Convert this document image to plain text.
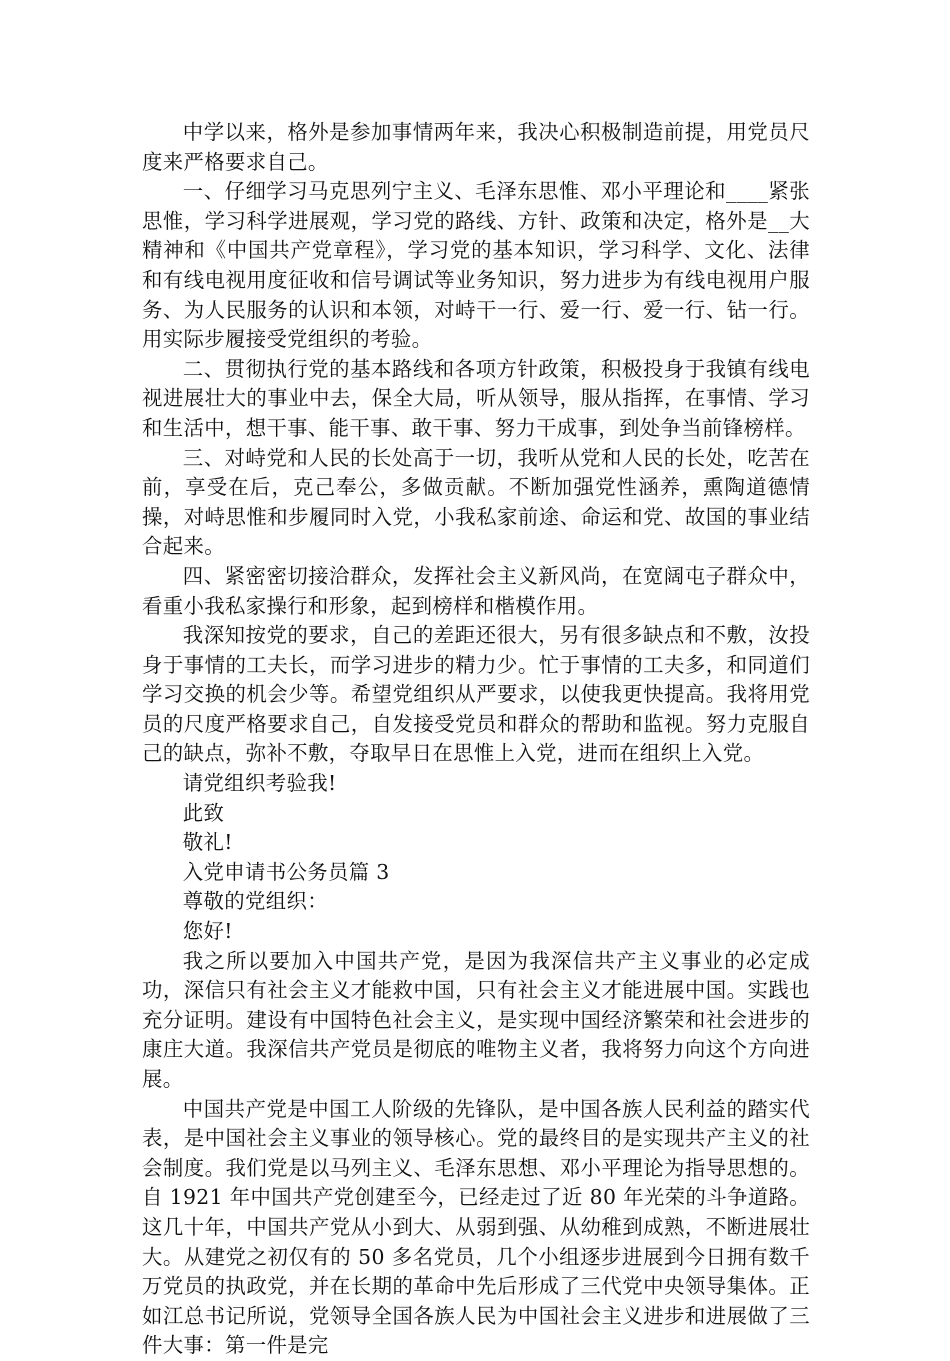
中学以来，格外是参加事情两年来，我决心积极制造前提，用党员尺度来严格要求自己。

一、仔细学习马克思列宁主义、毛泽东思惟、邓小平理论和____紧张思惟，学习科学进展观，学习党的路线、方针、政策和决定，格外是__大精神和《中国共产党章程》，学习党的基本知识，学习科学、文化、法律和有线电视用度征收和信号调试等业务知识，努力进步为有线电视用户服务、为人民服务的认识和本领，对峙干一行、爱一行、爱一行、钻一行。用实际步履接受党组织的考验。

二、贯彻执行党的基本路线和各项方针政策，积极投身于我镇有线电视进展壮大的事业中去，保全大局，听从领导，服从指挥，在事情、学习和生活中，想干事、能干事、敢干事、努力干成事，到处争当前锋榜样。

三、对峙党和人民的长处高于一切，我听从党和人民的长处，吃苦在前，享受在后，克己奉公，多做贡献。不断加强党性涵养，熏陶道德情操，对峙思惟和步履同时入党，小我私家前途、命运和党、故国的事业结合起来。

四、紧密密切接洽群众，发挥社会主义新风尚，在宽阔屯子群众中，看重小我私家操行和形象，起到榜样和楷模作用。

我深知按党的要求，自己的差距还很大，另有很多缺点和不敷，汝投身于事情的工夫长，而学习进步的精力少。忙于事情的工夫多，和同道们学习交换的机会少等。希望党组织从严要求，以使我更快提高。我将用党员的尺度严格要求自己，自发接受党员和群众的帮助和监视。努力克服自己的缺点，弥补不敷，夺取早日在思惟上入党，进而在组织上入党。

请党组织考验我!

此致

敬礼!

入党申请书公务员篇 3

尊敬的党组织：

您好!

我之所以要加入中国共产党，是因为我深信共产主义事业的必定成功，深信只有社会主义才能救中国，只有社会主义才能进展中国。实践也充分证明。建设有中国特色社会主义，是实现中国经济繁荣和社会进步的康庄大道。我深信共产党员是彻底的唯物主义者，我将努力向这个方向进展。

中国共产党是中国工人阶级的先锋队，是中国各族人民利益的踏实代表，是中国社会主义事业的领导核心。党的最终目的是实现共产主义的社会制度。我们党是以马列主义、毛泽东思想、邓小平理论为指导思想的。自 1921 年中国共产党创建至今，已经走过了近 80 年光荣的斗争道路。这几十年，中国共产党从小到大、从弱到强、从幼稚到成熟，不断进展壮大。从建党之初仅有的 50 多名党员，几个小组逐步进展到今日拥有数千万党员的执政党，并在长期的革命中先后形成了三代党中央领导集体。正如江总书记所说，党领导全国各族人民为中国社会主义进步和进展做了三件大事：第一件是完
